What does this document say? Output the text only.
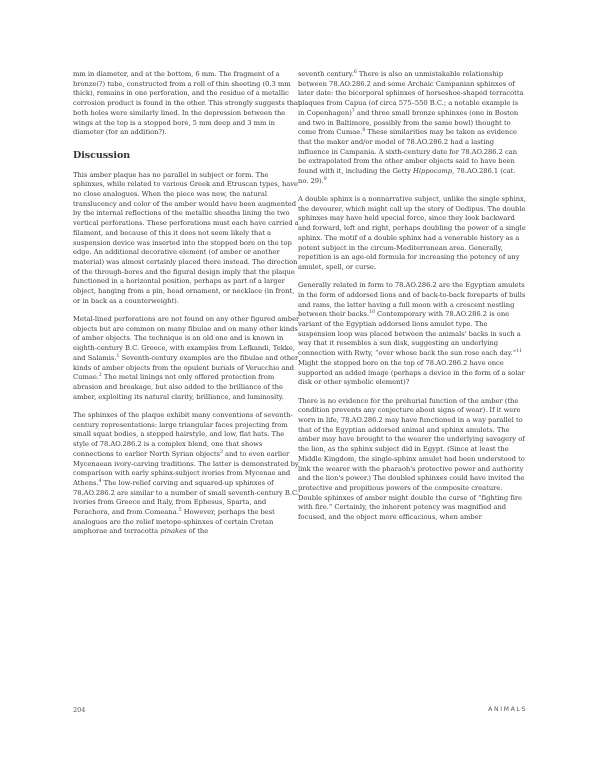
mm in diameter, and at the bottom, 6 mm. The fragment of a bronze(?) tube, constructed from a roll of thin sheeting (0.3 mm thick), remains in one perforation, and the residue of a metallic corrosion product is found in the other. This strongly suggests that both holes were similarly lined. In the depression between the wings at the top is a stopped bore, 5 mm deep and 3 mm in diameter (for an addition?).

Discussion

This amber plaque has no parallel in subject or form. The sphinxes, while related to various Greek and Etruscan types, have no close analogues. When the piece was new, the natural translucency and color of the amber would have been augmented by the internal reflections of the metallic sheaths lining the two vertical perforations. These perforations must each have carried a filament, and because of this it does not seem likely that a suspension device was inserted into the stopped bore on the top edge. An additional decorative element (of amber or another material) was almost certainly placed there instead. The direction of the through-bores and the figural design imply that the plaque functioned in a horizontal position, perhaps as part of a larger object, hanging from a pin, head ornament, or necklace (in front, or in back as a counterweight).

Metal-lined perforations are not found on any other figured amber objects but are common on many fibulae and on many other kinds of amber objects. The technique is an old one and is known in eighth-century B.C. Greece, with examples from Lefkandi, Tekke, and Salamis.$^1$ Seventh-century examples are the fibulae and other kinds of amber objects from the opulent burials of Verucchio and Cumae.$^2$ The metal linings not only offered protection from abrasion and breakage, but also added to the brilliance of the amber, exploiting its natural clarity, brilliance, and luminosity.

The sphinxes of the plaque exhibit many conventions of seventh-century representations: large triangular faces projecting from small squat bodies, a stepped hairstyle, and low, flat hats. The style of 78.AO.286.2 is a complex blend, one that shows connections to earlier North Syrian objects$^3$ and to even earlier Mycenaean ivory-carving traditions. The latter is demonstrated by comparison with early sphinx-subject ivories from Mycenae and Athens.$^4$ The low-relief carving and squared-up sphinxes of 78.AO.286.2 are similar to a number of small seventh-century B.C. ivories from Greece and Italy, from Ephesus, Sparta, and Perachora, and from Comeana.$^5$ However, perhaps the best analogues are the relief metope-sphinxes of certain Cretan amphorae and terracotta pinakes of the

seventh century.$^6$ There is also an unmistakable relationship between 78.AO.286.2 and some Archaic Campanian sphinxes of later date: the bicorporal sphinxes of horseshoe-shaped terracotta plaques from Capua (of circa 575–550 B.C.; a notable example is in Copenhagen)$^7$ and three small bronze sphinxes (one in Boston and two in Baltimore, possibly from the same bowl) thought to come from Cumae.$^8$ These similarities may be taken as evidence that the maker and/or model of 78.AO.286.2 had a lasting influence in Campania. A sixth-century date for 78.AO.286.2 can be extrapolated from the other amber objects said to have been found with it, including the Getty Hippocamp, 78.AO.286.1 (cat. no. 29).$^9$

A double sphinx is a nonnarrative subject, unlike the single sphinx, the devourer, which might call up the story of Oedipus. The double sphinxes may have held special force, since they look backward and forward, left and right, perhaps doubling the power of a single sphinx. The motif of a double sphinx had a venerable history as a potent subject in the circum-Mediterranean area. Generally, repetition is an age-old formula for increasing the potency of any amulet, spell, or curse.

Generally related in form to 78.AO.286.2 are the Egyptian amulets in the form of addorsed lions and of back-to-back foreparts of bulls and rams, the latter having a full moon with a crescent nestling between their backs.$^{10}$ Contemporary with 78.AO.286.2 is one variant of the Egyptian addorsed lions amulet type. The suspension loop was placed between the animals' backs in such a way that it resembles a sun disk, suggesting an underlying connection with Rwty, “over whose back the sun rose each day.”$^{11}$ Might the stopped bore on the top of 78.AO.286.2 have once supported an added image (perhaps a device in the form of a solar disk or other symbolic element)?

There is no evidence for the prehurial function of the amber (the condition prevents any conjecture about signs of wear). If it were worn in life, 78.AO.286.2 may have functioned in a way parallel to that of the Egyptian addorsed animal and sphinx amulets. The amber may have brought to the wearer the underlying savagery of the lion, as the sphinx subject did in Egypt. (Since at least the Middle Kingdom, the single-sphinx amulet had been understood to link the wearer with the pharaoh's protective power and authority and the lion's power.) The doubled sphinxes could have invited the protective and propitious powers of the composite creature. Double sphinxes of amber might double the curse of “fighting fire with fire.” Certainly, the inherent potency was magnified and focused, and the object more efficacious, when amber

204	ANIMALS
